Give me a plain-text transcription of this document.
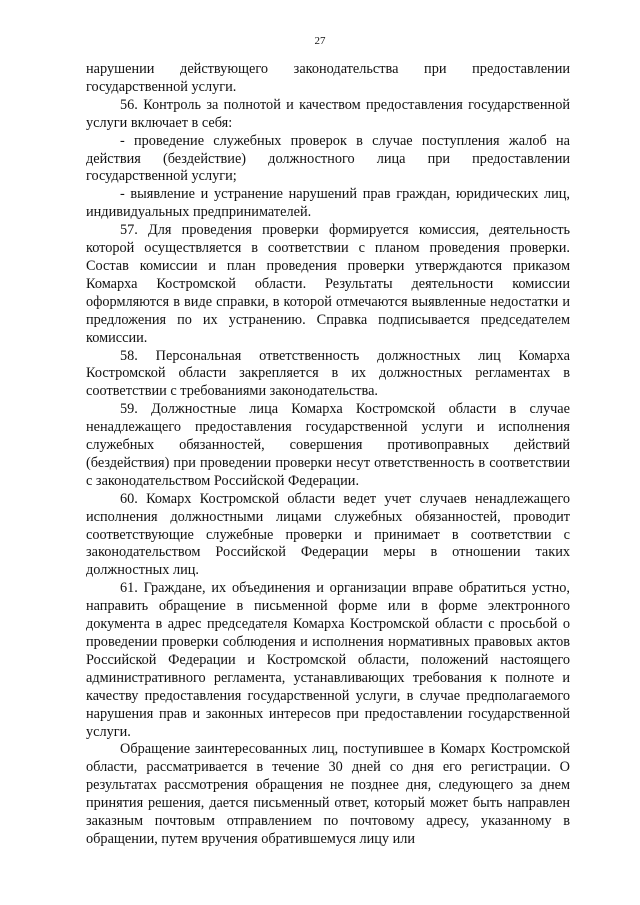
27

нарушении действующего законодательства при предоставлении государственной услуги.

56. Контроль за полнотой и качеством предоставления государственной услуги включает в себя:

- проведение служебных проверок в случае поступления жалоб на действия (бездействие) должностного лица при предоставлении государственной услуги;

- выявление и устранение нарушений прав граждан, юридических лиц, индивидуальных предпринимателей.

57. Для проведения проверки формируется комиссия, деятельность которой осуществляется в соответствии с планом проведения проверки. Состав комиссии и план проведения проверки утверждаются приказом Комарха Костромской области. Результаты деятельности комиссии оформляются в виде справки, в которой отмечаются выявленные недостатки и предложения по их устранению. Справка подписывается председателем комиссии.

58. Персональная ответственность должностных лиц Комарха Костромской области закрепляется в их должностных регламентах в соответствии с требованиями законодательства.

59. Должностные лица Комарха Костромской области в случае ненадлежащего предоставления государственной услуги и исполнения служебных обязанностей, совершения противоправных действий (бездействия) при проведении проверки несут ответственность в соответствии с законодательством Российской Федерации.

60. Комарх Костромской области ведет учет случаев ненадлежащего исполнения должностными лицами служебных обязанностей, проводит соответствующие служебные проверки и принимает в соответствии с законодательством Российской Федерации меры в отношении таких должностных лиц.

61. Граждане, их объединения и организации вправе обратиться устно, направить обращение в письменной форме или в форме электронного документа в адрес председателя Комарха Костромской области с просьбой о проведении проверки соблюдения и исполнения нормативных правовых актов Российской Федерации и Костромской области, положений настоящего административного регламента, устанавливающих требования к полноте и качеству предоставления государственной услуги, в случае предполагаемого нарушения прав и законных интересов при предоставлении государственной услуги.

Обращение заинтересованных лиц, поступившее в Комарх Костромской области, рассматривается в течение 30 дней со дня его регистрации. О результатах рассмотрения обращения не позднее дня, следующего за днем принятия решения, дается письменный ответ, который может быть направлен заказным почтовым отправлением по почтовому адресу, указанному в обращении, путем вручения обратившемуся лицу или
